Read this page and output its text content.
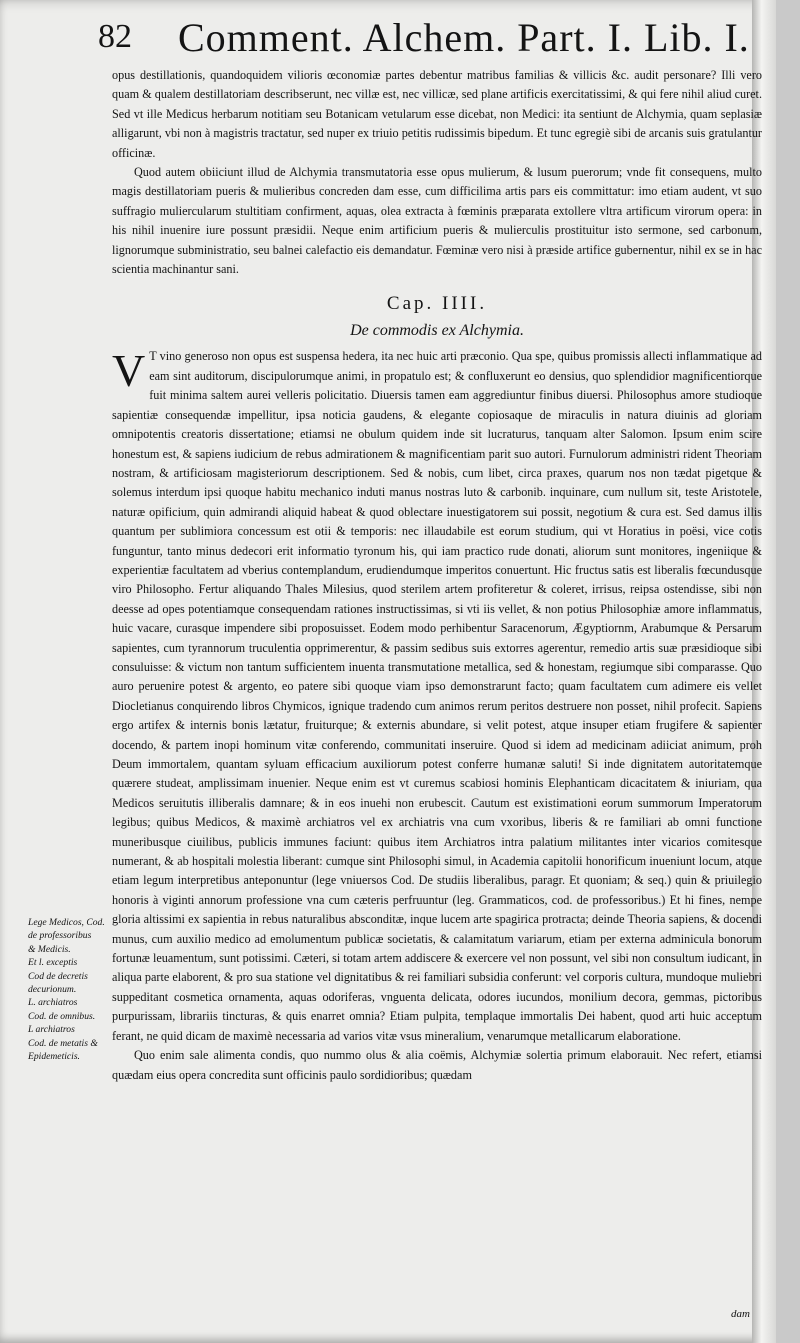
82 Comment. Alchem. Part. I. Lib. I.

opus destillationis, quandoquidem vilioris œconomiæ partes debentur matribus familias & villicis &c. audit personare? Illi vero quam & qualem destillatoriam describserunt, nec villæ est, nec villicæ, sed plane artificis exercitatissimi, & qui fere nihil aliud curet. Sed vt ille Medicus herbarum notitiam seu Botanicam vetularum esse dicebat, non Medici: ita sentiunt de Alchymia, quam seplasiæ alligarunt, vbi non à magistris tractatur, sed nuper ex triuio petitis rudissimis bipedum. Et tunc egregiè sibi de arcanis suis gratulantur officinæ.

Quod autem obiiciunt illud de Alchymia transmutatoria esse opus mulierum, & lusum puerorum; vnde fit consequens, multo magis destillatoriam pueris & mulieribus concreden dam esse, cum difficilima artis pars eis committatur: imo etiam audent, vt suo suffragio muliercularum stultitiam confirment, aquas, olea extracta à fœminis præparata extollere vltra artificum virorum opera: in his nihil inuenire iure possunt præsidii. Neque enim artificium pueris & mulierculis prostituitur isto sermone, sed carbonum, lignorumque subministratio, seu balnei calefactio eis demandatur. Fœminæ vero nisi à præside artifice gubernentur, nihil ex se in hac scientia machinantur sani.

Cap. IIII.
De commodis ex Alchymia.

V T vino generoso non opus est suspensa hedera, ita nec huic arti præconio. Qua spe, quibus promissis allecti inflammatique ad eam sint auditorum, discipulorumque animi, in propatulo est; & confluxerunt eo densius, quo splendidior magnificentiorque fuit minima saltem aurei velleris policitatio. Diuersis tamen eam aggrediuntur finibus diuersi. Philosophus amore studioque sapientiæ consequendæ impellitur, ipsa noticia gaudens, & elegante copiosaque de miraculis in natura diuinis ad gloriam omnipotentis creatoris dissertatione; etiamsi ne obulum quidem inde sit lucraturus, tanquam alter Salomon. Ipsum enim scire honestum est, & sapiens iudicium de rebus admirationem & magnificentiam parit suo autori. Furnulorum administri rident Theoriam nostram, & artificiosam magisteriorum descriptionem. Sed & nobis, cum libet, circa praxes, quarum nos non tædat pigetque & solemus interdum ipsi quoque habitu mechanico induti manus nostras luto & carbonib. inquinare, cum nullum sit, teste Aristotele, naturæ opificium, quin admirandi aliquid habeat & quod oblectare inuestigatorem sui possit, negotium & cura est. Sed damus illis quantum per sublimiora concessum est otii & temporis: nec illaudabile est eorum studium, qui vt Horatius in poësi, vice cotis funguntur, tanto minus dedecori erit informatio tyronum his, qui iam practico rude donati, aliorum sunt monitores, ingeniique & experientiæ facultatem ad vberius contemplandum, erudiendumque imperitos conuertunt. Hic fructus satis est liberalis fœcundusque viro Philosopho. Fertur aliquando Thales Milesius, quod sterilem artem profiteretur & coleret, irrisus, reipsa ostendisse, sibi non deesse ad opes potentiamque consequendam rationes instructissimas, si vti iis vellet, & non potius Philosophiæ amore inflammatus, huic vacare, curasque impendere sibi proposuisset. Eodem modo perhibentur Saracenorum, Ægyptiornm, Arabumque & Persarum sapientes, cum tyrannorum truculentia opprimerentur, & passim sedibus suis extorres agerentur, remedio artis suæ præsidioque sibi consuluisse: & victum non tantum sufficientem inuenta transmutatione metallica, sed & honestam, regiumque sibi comparasse. Quo auro peruenire potest & argento, eo patere sibi quoque viam ipso demonstrarunt facto; quam facultatem cum adimere eis vellet Diocletianus conquirendo libros Chymicos, ignique tradendo cum animos rerum peritos destruere non posset, nihil profecit. Sapiens ergo artifex & internis bonis lætatur, fruiturque; & externis abundare, si velit potest, atque insuper etiam frugifere & sapienter docendo, & partem inopi hominum vitæ conferendo, communitati inseruire. Quod si idem ad medicinam adiiciat animum, proh Deum immortalem, quantam syluam efficacium auxiliorum potest conferre humanæ saluti! Si inde dignitatem autoritatemque quærere studeat, amplissimam inuenier. Neque enim est vt curemus scabiosi hominis Elephanticam dicacitatem & iniuriam, qua Medicos seruitutis illiberalis damnare; & in eos inuehi non erubescit. Cautum est existimationi eorum summorum Imperatorum legibus; quibus Medicos, & maximè archiatros vel ex archiatris vna cum vxoribus, liberis & re familiari ab omni functione muneribusque ciuilibus, publicis immunes faciunt: quibus item Archiatros intra palatium militantes inter vicarios comitesque numerant, & ab hospitali molestia liberant: cumque sint Philosophi simul, in Academia capitolii honorificum inueniunt locum, atque etiam legum interpretibus anteponuntur (lege vniuersos Cod. De studiis liberalibus, paragr. Et quoniam; & seq.) quin & priuilegio honoris à viginti annorum professione vna cum cæteris perfruuntur (leg. Grammaticos, cod. de professoribus.) Et hi fines, nempe gloria altissimi ex sapientia in rebus naturalibus absconditæ, inque lucem arte spagirica protracta; deinde Theoria sapiens, & docendi munus, cum auxilio medico ad emolumentum publicæ societatis, & calamitatum variarum, etiam per externa adminicula bonorum fortunæ leuamentum, sunt potissimi. Cæteri, si totam artem addiscere & exercere vel non possunt, vel sibi non consultum iudicant, in aliqua parte elaborent, & pro sua statione vel dignitatibus & rei familiari subsidia conferunt: vel corporis cultura, mundoque muliebri suppeditant cosmetica ornamenta, aquas odoriferas, vnguenta delicata, odores iucundos, monilium decora, gemmas, pictoribus purpurissam, librariis tincturas, & quis enarret omnia? Etiam pulpita, templaque immortalis Dei habent, quod arti huic acceptum ferant, ne quid dicam de maximè necessaria ad varios vitæ vsus mineralium, venarumque metallicarum elaboratione.

Quo enim sale alimenta condis, quo nummo olus & alia coëmis, Alchymiæ solertia primum elaborauit. Nec refert, etiamsi quædam eius opera concredita sunt officinis paulo sordidioribus; quædam

Lege Medicos, Cod. de professoribus
& Medicis.
Et l. exceptis
Cod de decretis decurionum.
L. archiatros
Cod. de omnibus.
L archiatros
Cod. de metatis & Epidemeticis.
dam
